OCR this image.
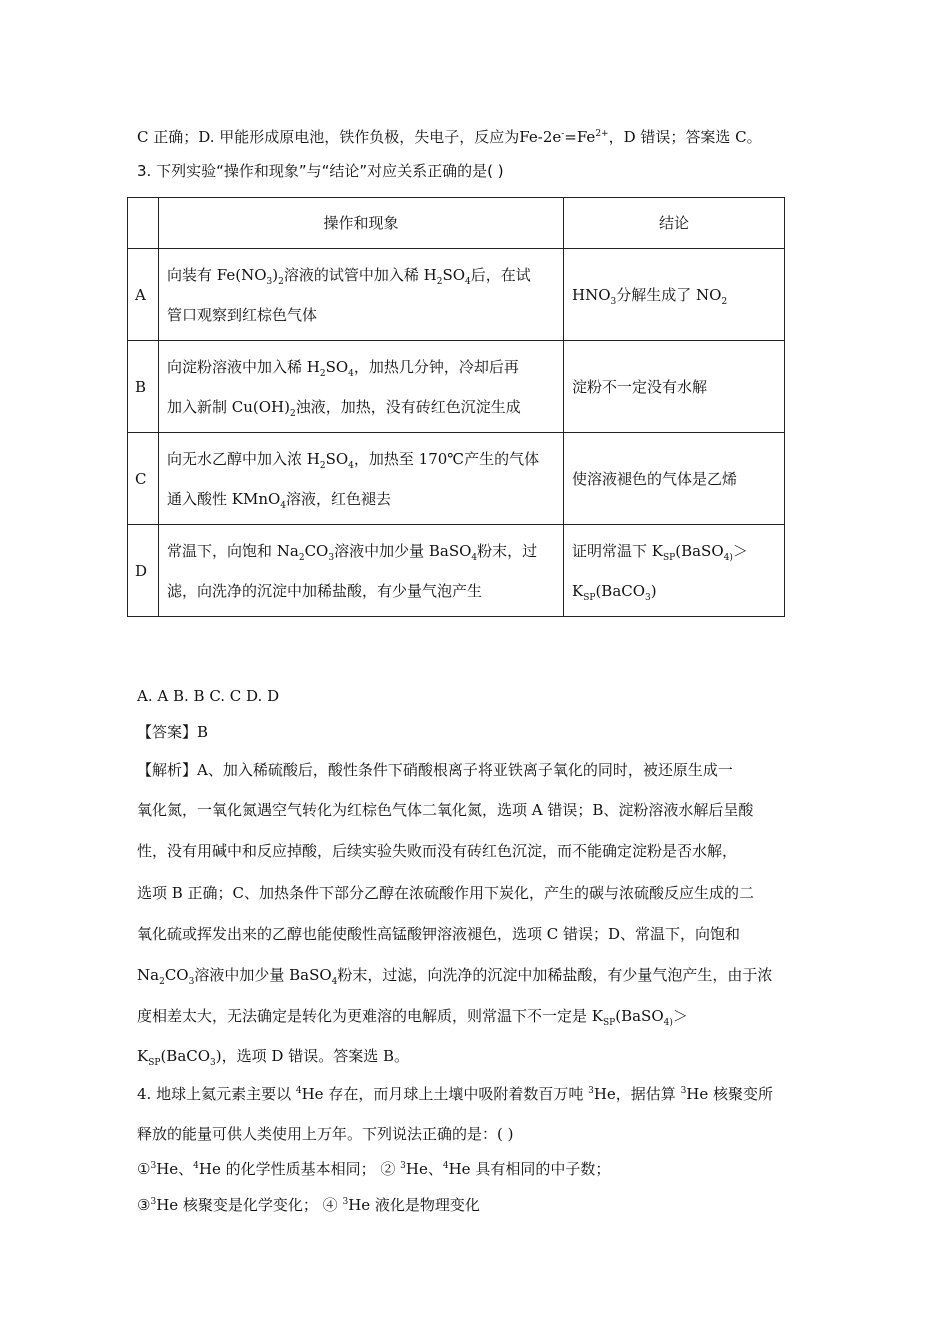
C 正确；D. 甲能形成原电池，铁作负极，失电子，反应为$Fe-2e^-=Fe^{2+}$，D 错误；答案选 C。
3. 下列实验“操作和现象”与“结论”对应关系正确的是( )
	操作和现象	结论
A	向装有 $Fe(NO_3)_2$溶液的试管中加入稀 $H_2SO_4$后，在试
管口观察到红棕色气体	$HNO_3$分解生成了 $NO_2$
B	向淀粉溶液中加入稀 $H_2SO_4$，加热几分钟，冷却后再
加入新制 $Cu(OH)_2$浊液，加热，没有砖红色沉淀生成	淀粉不一定没有水解
C	向无水乙醇中加入浓 $H_2SO_4$，加热至 170℃产生的气体
通入酸性 KMnO$_4$溶液，红色褪去	使溶液褪色的气体是乙烯
D	常温下，向饱和 $Na_2CO_3$溶液中加少量 BaSO$_4$粉末，过
滤，向洗净的沉淀中加稀盐酸，有少量气泡产生	证明常温下 $K_{SP}(BaSO_{4)}>$
$K_{SP}(BaCO_3)$
A. A B. B C. C D. D
【答案】B
【解析】A、加入稀硫酸后，酸性条件下硝酸根离子将亚铁离子氧化的同时，被还原生成一
氧化氮，一氧化氮遇空气转化为红棕色气体二氧化氮，选项 A 错误；B、淀粉溶液水解后呈酸
性，没有用碱中和反应掉酸，后续实验失败而没有砖红色沉淀，而不能确定淀粉是否水解，
选项 B 正确；C、加热条件下部分乙醇在浓硫酸作用下炭化，产生的碳与浓硫酸反应生成的二
氧化硫或挥发出来的乙醇也能使酸性高锰酸钾溶液褪色，选项 C 错误；D、常温下，向饱和
$Na_2CO_3$溶液中加少量 BaSO$_4$粉末，过滤，向洗净的沉淀中加稀盐酸，有少量气泡产生，由于浓
度相差太大，无法确定是转化为更难溶的电解质，则常温下不一定是 $K_{SP}(BaSO_{4)}>$
$K_{SP}(BaCO_3)$，选项 D 错误。答案选 B。
4. 地球上氦元素主要以 $^4$He 存在，而月球上土壤中吸附着数百万吨 $^3$He，据估算 $^3$He 核聚变所
释放的能量可供人类使用上万年。下列说法正确的是：( )
①$^3$He、$^4$He 的化学性质基本相同； ② $^3$He、$^4$He 具有相同的中子数；
③$^3$He 核聚变是化学变化； ④ $^3$He 液化是物理变化
